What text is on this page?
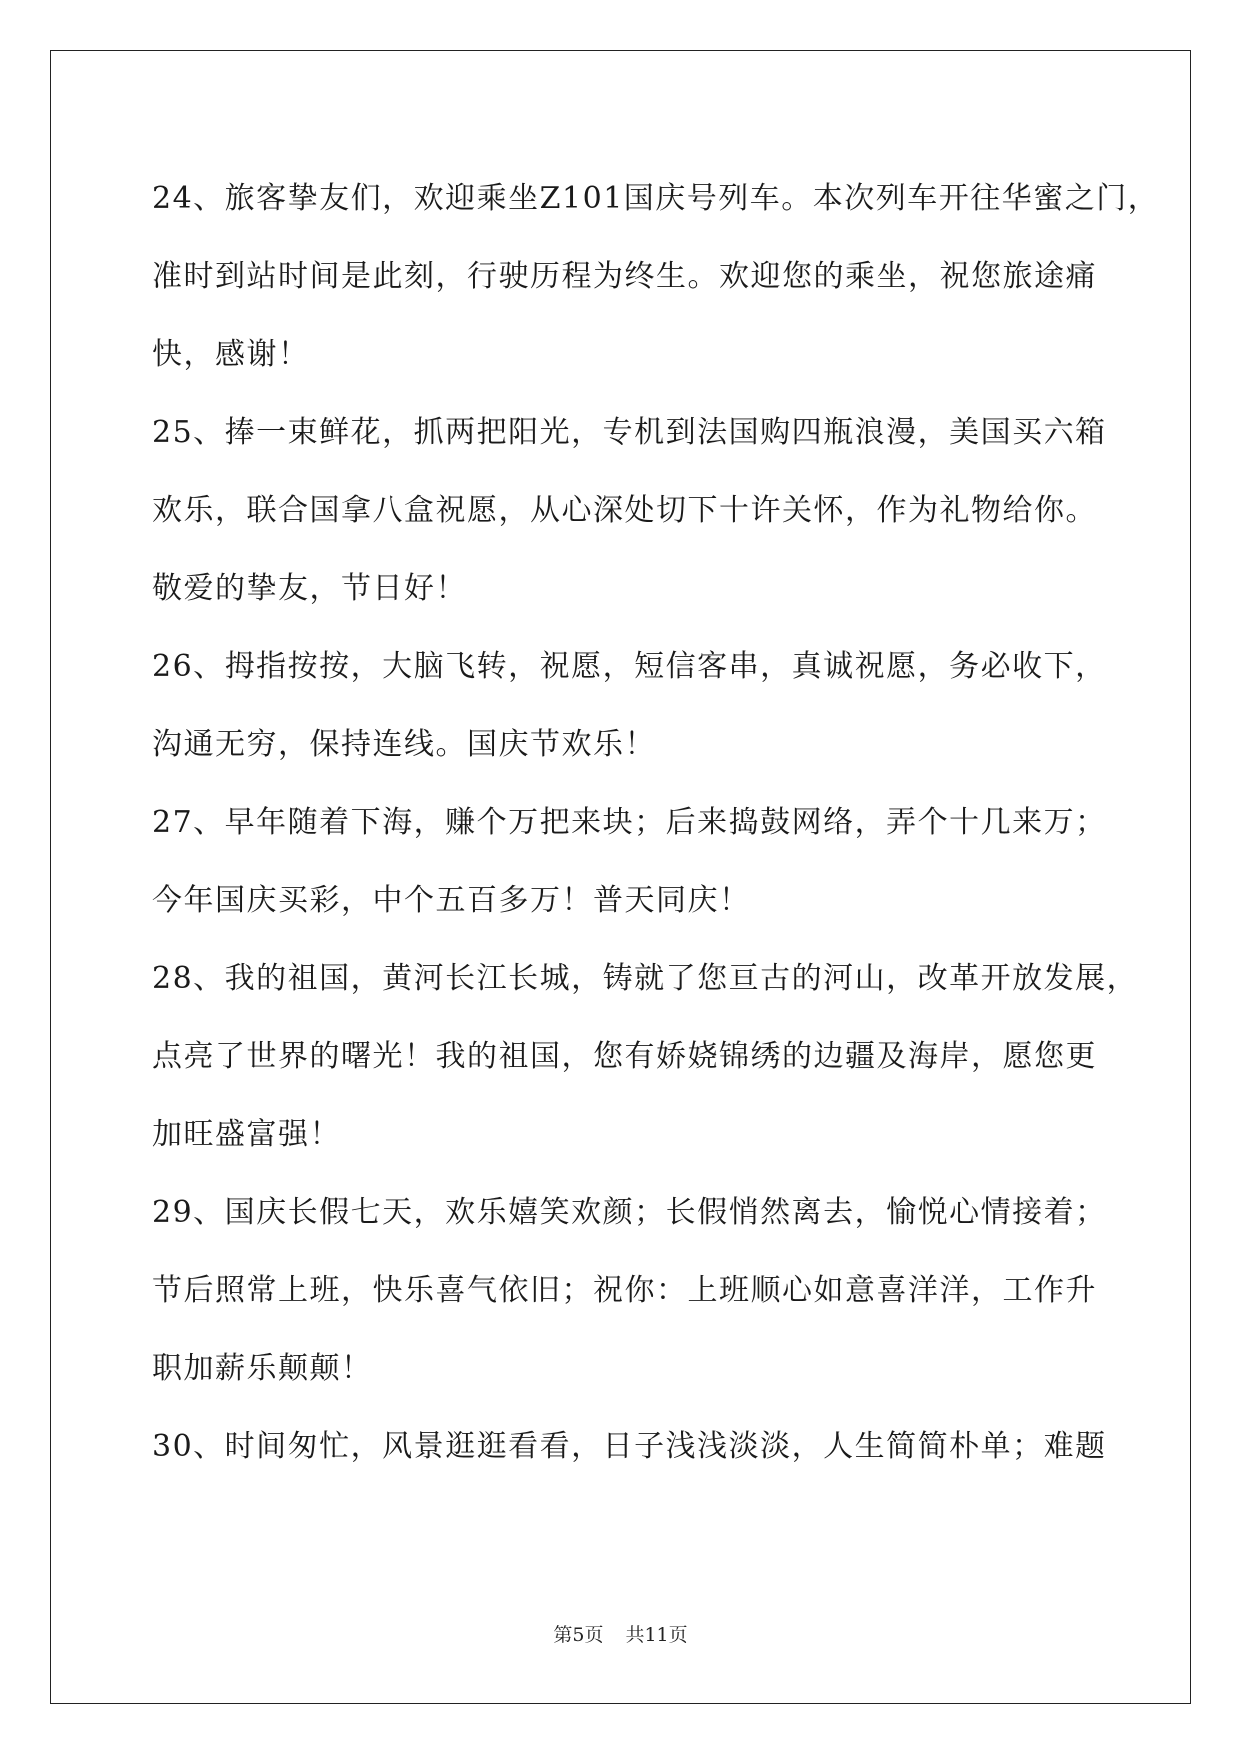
24、旅客挚友们，欢迎乘坐Z101国庆号列车。本次列车开往华蜜之门，
准时到站时间是此刻，行驶历程为终生。欢迎您的乘坐，祝您旅途痛
快，感谢！
25、捧一束鲜花，抓两把阳光，专机到法国购四瓶浪漫，美国买六箱
欢乐，联合国拿八盒祝愿，从心深处切下十许关怀，作为礼物给你。
敬爱的挚友，节日好！
26、拇指按按，大脑飞转，祝愿，短信客串，真诚祝愿，务必收下，
沟通无穷，保持连线。国庆节欢乐！
27、早年随着下海，赚个万把来块；后来捣鼓网络，弄个十几来万；
今年国庆买彩，中个五百多万！普天同庆！
28、我的祖国，黄河长江长城，铸就了您亘古的河山，改革开放发展，
点亮了世界的曙光！我的祖国，您有娇娆锦绣的边疆及海岸，愿您更
加旺盛富强！
29、国庆长假七天，欢乐嬉笑欢颜；长假悄然离去，愉悦心情接着；
节后照常上班，快乐喜气依旧；祝你：上班顺心如意喜洋洋，工作升
职加薪乐颠颠！
30、时间匆忙，风景逛逛看看，日子浅浅淡淡，人生简简朴单；难题
第5页 共11页
